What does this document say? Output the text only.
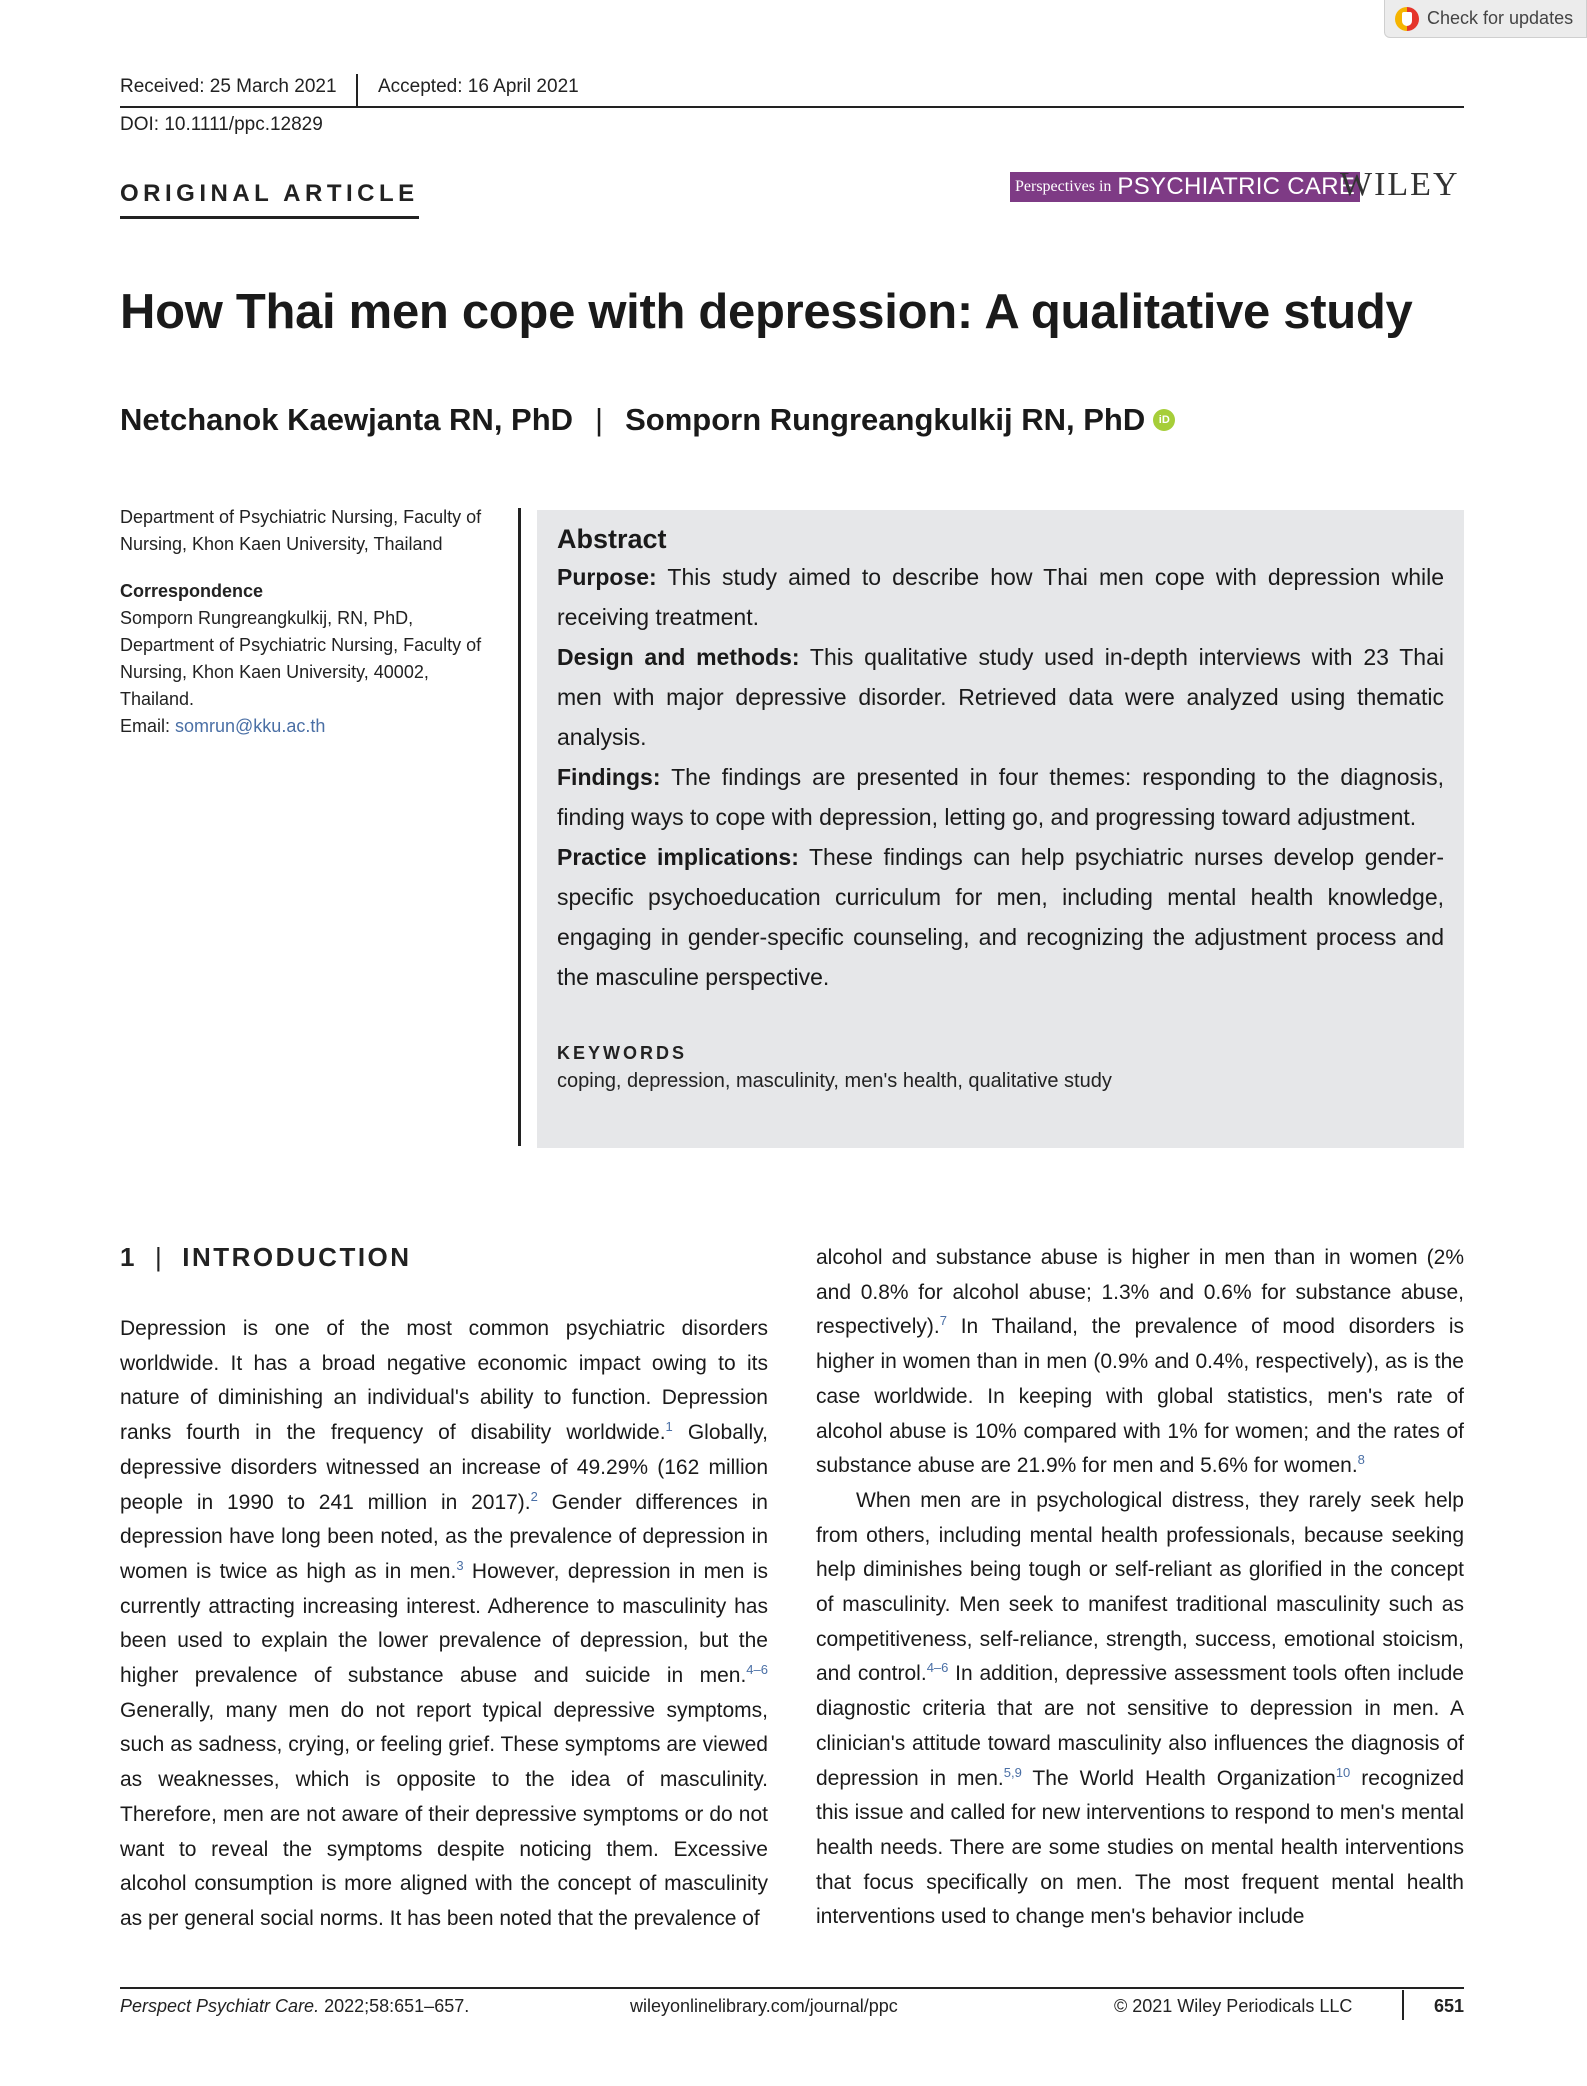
Check for updates
Received: 25 March 2021 Accepted: 16 April 2021
DOI: 10.1111/ppc.12829
ORIGINAL ARTICLE	Perspectives in PSYCHIATRIC CARE
WILEY
How Thai men cope with depression: A qualitative study
Netchanok Kaewjanta RN, PhD | Somporn Rungreangkulkij RN, PhD	iD

Department of Psychiatric Nursing, Faculty of Nursing, Khon Kaen University, Thailand

Correspondence

Somporn Rungreangkulkij, RN, PhD,

Department of Psychiatric Nursing, Faculty of Nursing, Khon Kaen University, 40002, Thailand.

Email: somrun@kku.ac.th

Abstract

Purpose: This study aimed to describe how Thai men cope with depression while receiving treatment.

Design and methods: This qualitative study used in-depth interviews with 23 Thai men with major depressive disorder. Retrieved data were analyzed using thematic analysis.

Findings: The findings are presented in four themes: responding to the diagnosis, finding ways to cope with depression, letting go, and progressing toward adjustment.

Practice implications: These findings can help psychiatric nurses develop gender-specific psychoeducation curriculum for men, including mental health knowledge, engaging in gender-specific counseling, and recognizing the adjustment process and the masculine perspective.

KEYWORDS
coping, depression, masculinity, men's health, qualitative study
1 | INTRODUCTION

Depression is one of the most common psychiatric disorders worldwide. It has a broad negative economic impact owing to its nature of diminishing an individual's ability to function. Depression ranks fourth in the frequency of disability worldwide.$^1$ Globally, depressive disorders witnessed an increase of 49.29% (162 million people in 1990 to 241 million in 2017).$^2$ Gender differences in depression have long been noted, as the prevalence of depression in women is twice as high as in men.$^3$ However, depression in men is currently attracting increasing interest. Adherence to masculinity has been used to explain the lower prevalence of depression, but the higher prevalence of substance abuse and suicide in men.$^{4-6}$ Generally, many men do not report typical depressive symptoms, such as sadness, crying, or feeling grief. These symptoms are viewed as weaknesses, which is opposite to the idea of masculinity. Therefore, men are not aware of their depressive symptoms or do not want to reveal the symptoms despite noticing them. Excessive alcohol consumption is more aligned with the concept of masculinity as per general social norms. It has been noted that the prevalence of

alcohol and substance abuse is higher in men than in women (2% and 0.8% for alcohol abuse; 1.3% and 0.6% for substance abuse, respectively).$^7$ In Thailand, the prevalence of mood disorders is higher in women than in men (0.9% and 0.4%, respectively), as is the case worldwide. In keeping with global statistics, men's rate of alcohol abuse is 10% compared with 1% for women; and the rates of substance abuse are 21.9% for men and 5.6% for women.$^8$

When men are in psychological distress, they rarely seek help from others, including mental health professionals, because seeking help diminishes being tough or self-reliant as glorified in the concept of masculinity. Men seek to manifest traditional masculinity such as competitiveness, self-reliance, strength, success, emotional stoicism, and control.$^{4-6}$ In addition, depressive assessment tools often include diagnostic criteria that are not sensitive to depression in men. A clinician's attitude toward masculinity also influences the diagnosis of depression in men.$^{5,9}$ The World Health Organization$^{10}$ recognized this issue and called for new interventions to respond to men's mental health needs. There are some studies on mental health interventions that focus specifically on men. The most frequent mental health interventions used to change men's behavior include

Perspect Psychiatr Care. 2022;58:651–657.	wileyonlinelibrary.com/journal/ppc	© 2021 Wiley Periodicals LLC	651
